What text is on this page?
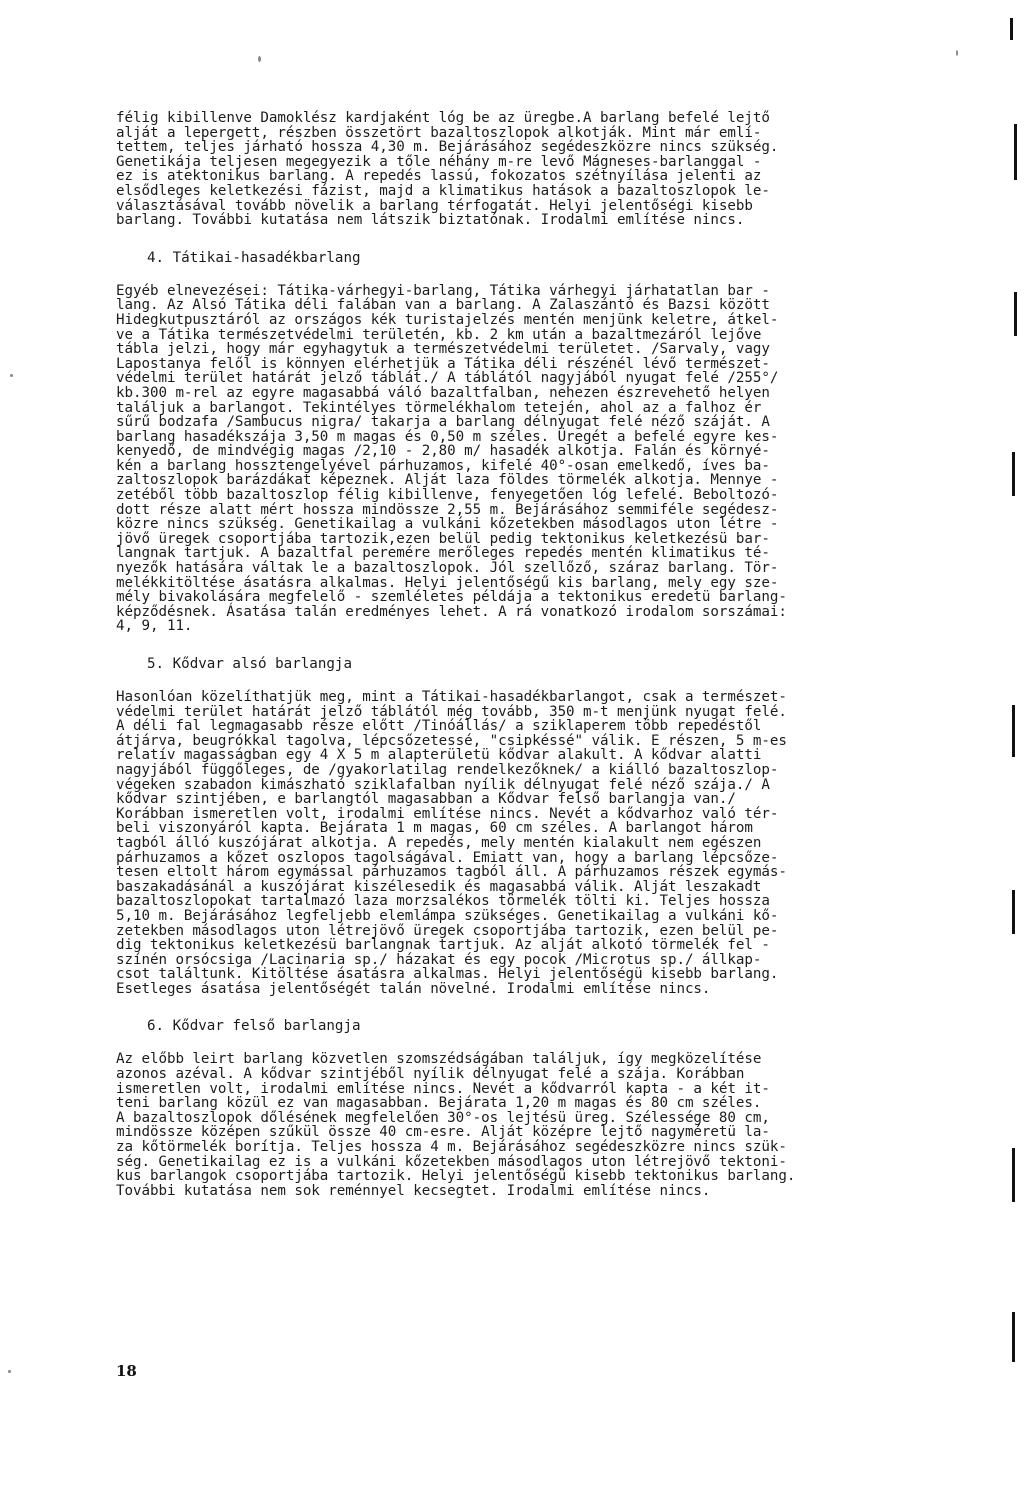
félig kibillenve Damoklész kardjaként lóg be az üregbe.A barlang befelé lejtő

alját a lepergett, részben összetört bazaltoszlopok alkotják. Mint már emlí-

tettem, teljes járható hossza 4,30 m. Bejárásához segédeszközre nincs szükség.

Genetikája teljesen megegyezik a tőle néhány m-re levő Mágneses-barlanggal -

ez is atektonikus barlang. A repedés lassú, fokozatos szétnyílása jelenti az

elsődleges keletkezési fázist, majd a klimatikus hatások a bazaltoszlopok le-

választásával tovább növelik a barlang térfogatát. Helyi jelentőségi kisebb

barlang. További kutatása nem látszik biztatónak. Irodalmi említése nincs.

4. Tátikai-hasadékbarlang

Egyéb elnevezései: Tátika-várhegyi-barlang, Tátika várhegyi járhatatlan bar -

lang. Az Alsó Tátika déli falában van a barlang. A Zalaszántó és Bazsi között

Hidegkutpusztáról az országos kék turistajelzés mentén menjünk keletre, átkel-

ve a Tátika természetvédelmi területén, kb. 2 km után a bazaltmezáról lejőve

tábla jelzi, hogy már egyhagytuk a természetvédelmi területet. /Sarvaly, vagy

Lapostanya felől is könnyen elérhetjük a Tátika déli részénél lévő természet-

védelmi terület határát jelző táblát./ A táblától nagyjából nyugat felé /255°/

kb.300 m-rel az egyre magasabbá váló bazaltfalban, nehezen észrevehető helyen

találjuk a barlangot. Tekintélyes törmelékhalom tetején, ahol az a falhoz ér

sűrű bodzafa /Sambucus nigra/ takarja a barlang délnyugat felé néző száját. A

barlang hasadékszája 3,50 m magas és 0,50 m széles. Üregét a befelé egyre kes-

kenyedő, de mindvégig magas /2,10 - 2,80 m/ hasadék alkotja. Falán és környé-

kén a barlang hossztengelyével párhuzamos, kifelé 40°-osan emelkedő, íves ba-

zaltoszlopok barázdákat képeznek. Alját laza földes törmelék alkotja. Mennye -

zetéből több bazaltoszlop félig kibillenve, fenyegetően lóg lefelé. Beboltozó-

dott része alatt mért hossza mindössze 2,55 m. Bejárásához semmiféle segédesz-

közre nincs szükség. Genetikailag a vulkáni kőzetekben másodlagos uton létre -

jövő üregek csoportjába tartozik,ezen belül pedig tektonikus keletkezésü bar-

langnak tartjuk. A bazaltfal peremére merőleges repedés mentén klimatikus té-

nyezők hatására váltak le a bazaltoszlopok. Jól szellőző, száraz barlang. Tör-

melékkitöltése ásatásra alkalmas. Helyi jelentőségű kis barlang, mely egy sze-

mély bivakolására megfelelő - szemléletes példája a tektonikus eredetü barlang-

képződésnek. Ásatása talán eredményes lehet. A rá vonatkozó irodalom sorszámai:

4, 9, 11.

5. Kődvar alsó barlangja

Hasonlóan közelíthatjük meg, mint a Tátikai-hasadékbarlangot, csak a természet-

védelmi terület határát jelző táblától még tovább, 350 m-t menjünk nyugat felé.

A déli fal legmagasabb része előtt /Tinóállás/ a sziklaperem több repedéstől

átjárva, beugrókkal tagolva, lépcsőzetessé, "csipkéssé" válik. E részen, 5 m-es

relatív magasságban egy 4 X 5 m alapterületü kődvar alakult. A kődvar alatti

nagyjából függőleges, de /gyakorlatilag rendelkezőknek/ a kiálló bazaltoszlop-

végeken szabadon kimászható sziklafalban nyílik délnyugat felé néző szája./ A

kődvar szintjében, e barlangtól magasabban a Kődvar felső barlangja van./

Korábban ismeretlen volt, irodalmi említése nincs. Nevét a kődvarhoz való tér-

beli viszonyáról kapta. Bejárata 1 m magas, 60 cm széles. A barlangot három

tagból álló kuszójárat alkotja. A repedés, mely mentén kialakult nem egészen

párhuzamos a kőzet oszlopos tagolságával. Emiatt van, hogy a barlang lépcsőze-

tesen eltolt három egymással párhuzamos tagból áll. A párhuzamos részek egymás-

baszakadásánál a kuszójárat kiszélesedik és magasabbá válik. Alját leszakadt

bazaltoszlopokat tartalmazó laza morzsalékos törmelék tölti ki. Teljes hossza

5,10 m. Bejárásához legfeljebb elemlámpa szükséges. Genetikailag a vulkáni kő-

zetekben másodlagos uton létrejövő üregek csoportjába tartozik, ezen belül pe-

dig tektonikus keletkezésü barlangnak tartjuk. Az alját alkotó törmelék fel -

színén orsócsiga /Lacinaria sp./ házakat és egy pocok /Microtus sp./ állkap-

csot találtunk. Kitöltése ásatásra alkalmas. Helyi jelentőségü kisebb barlang.

Esetleges ásatása jelentőségét talán növelné. Irodalmi említése nincs.

6. Kődvar felső barlangja

Az előbb leirt barlang közvetlen szomszédságában találjuk, így megközelítése

azonos azéval. A kődvar szintjéből nyílik délnyugat felé a szája. Korábban

ismeretlen volt, irodalmi említése nincs. Nevét a kődvarról kapta - a két it-

teni barlang közül ez van magasabban. Bejárata 1,20 m magas és 80 cm széles.

A bazaltoszlopok dőlésének megfelelően 30°-os lejtésü üreg. Szélessége 80 cm,

mindössze középen szűkül össze 40 cm-esre. Alját középre lejtő nagyméretü la-

za kőtörmelék borítja. Teljes hossza 4 m. Bejárásához segédeszközre nincs szük-

ség. Genetikailag ez is a vulkáni kőzetekben másodlagos uton létrejövő tektoni-

kus barlangok csoportjába tartozik. Helyi jelentőségü kisebb tektonikus barlang.

További kutatása nem sok reménnyel kecsegtet. Irodalmi említése nincs.

18
